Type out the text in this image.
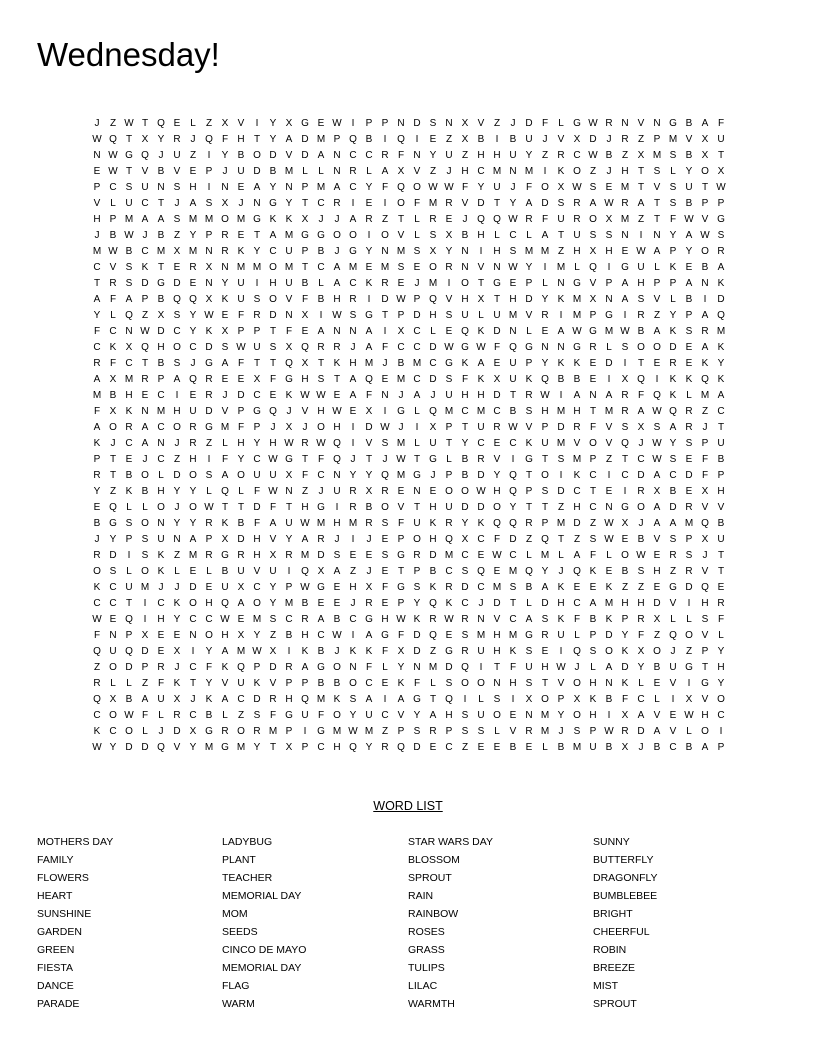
Wednesday!
J	Z W T Q E L	Z X V	I	Y X G E W I	P P N D S N X V Z	J D F	L G W R N V N G B A F
W Q T X Y R J Q F H T Y A D M P Q B	I	Q	I	E Z X B	I	B U J	V X D J R Z P M V X U
N W G Q J U Z	I	Y B O D V D A N C C R F N Y U Z H H U Y Z R C W B Z X M S B X T
E W T V B V E P	J U D B M L	L N R L A X V Z	J H C M N M	I	K O Z	J H T S L Y O X
P C S U N S H	I	N E A Y N P M A C Y F Q O W W F Y U J	F O X W S E M T V S U T W
V L U C T	J	A S X	J N G Y T C R	I	E	I	O F M R V D T Y A D S R A W R A T S B P P
H P M A A S M M O M G K K X	J	J	A R Z T	L R E	J Q Q W R F U R O X M Z T F W V G
J	B W J	B Z Y P R E T A M G G O O	I	O V L S X B H L C L A T U S S N	I	N Y A W S
M W B C M X M N R K Y C U P B	J G Y N M S X Y N	I	H S M M Z H X H E W A P Y O R
C V S K T E R X N M M O M T C A M E M S E O R N V N W Y	I	M L Q	I	G U L K E B A
T R S D G D E N Y U	I	H U B L A C K R E	J M	I	O T G E P L N G V P A H P P A N K
A F A P B Q Q X K U S O V F B H R	I	D W P Q V H X T H D Y K M X N A S V L B	I	D
Y L Q Z X S Y W E F R D N X	I W S G T P D H S U L U M V R	I	M P G	I	R Z Y P A Q
F C N W D C Y K X P P T F E A N N A	I	X C L E Q K D N L E A W G M W B A K S R M
C K X Q H O C D S W U S X Q R R J	A F C C D W G W F Q G N N G R L S O O D E A K
R F C T B S	J G A F T T Q X T K H M J	B M C G K A E U P Y K K E D	I	T E R E K Y
A X M R P A Q R E E X F G H S T A Q E M C D S F K X U K Q B B E	I	X Q	I	K K Q K
M B H E C	I	E R J D C E K W W E A F N J	A	J U H H D T R W I	A N A R F Q K L M A
F X K N M H U D V P G Q J	V H W E X	I	G L Q M C M C B S H M H T M R A W Q R Z C
A O R A C O R G M F P	J	X	J O H	I	D W J	I	X P T U R W V P D R F V S X S A R J	T
K	J C A N J R Z	L H Y H W R W Q	I	V S M L U T Y C E C K U M V O V Q J W Y S P U
P T E	J C Z H	I	F Y C W G T F Q J	T	J W T G L B R V	I	G T S M P Z T C W S E F B
R T B O L D O S A O U U X F C N Y Y Q M G J	P B D Y Q T O	I	K C	I	C D A C D F P
Y Z K B H Y Y L Q L	F W N Z	J U R X R E N E O O W H Q P S D C T E	I	R X B E X H
E Q L	L O J O W T T D F T H G	I	R B O V T H U D D O Y T T Z H C N G O A D R V V
B G S O N Y Y R K B F A U W M H M R S F U K R Y K Q Q R P M D Z W X	J	A A M Q B
J	Y P S U N A P X D H V Y A R J	I	J	E P O H Q X C F D Z Q T Z S W E B V S P X U
R D	I	S K Z M R G R H X R M D S E E S G R D M C E W C L M L A F	L O W E R S	J	T
O S L O K L E L B U V U	I	Q X A Z	J	E T P B C S Q E M Q Y	J Q K E B S H Z R V T
K C U M J	J D E U X C Y P W G E H X F G S K R D C M S B A K E E K Z Z E G D Q E
C C T	I	C K O H Q A O Y M B E E	J R E P Y Q K C J D T	L D H C A M H H D V	I	H R
W E Q	I	H Y C C W E M S C R A B C G H W K R W R N V C A S K F B K P R X L	L S F
F N P X E E N O H X Y Z B H C W I	A G F D Q E S M H M G R U L P D Y F Z Q O V L
Q U Q D E X	I	Y A M W X	I	K B	J	K K F X D Z G R U H K S E	I	Q S O K X O J	Z P Y
Z O D P R J C F K Q P D R A G O N F	L Y N M D Q	I	T F U H W J	L A D Y B U G T H
R L	L	Z F K T Y V U K V P P B B O C E K F	L S O O N H S T V O H N K L E V	I	G Y
Q X B A U X	J	K A C D R H Q M K S A	I	A G T Q	I	L S	I	X O P X K B F C L	I	X V O
C O W F	L R C B L	Z S F G U F O Y U C V Y A H S U O E N M Y O H	I	X A V E W H C
K C O L	J D X G R O R M P	I	G M W M Z P S R P S S L V R M J	S P W R D A V L O	I
W Y D D Q V Y M G M Y T X P C H Q Y R Q D E C Z E E B E L B M U B X	J	B C B A P
WORD LIST
MOTHERS DAY
FAMILY
FLOWERS
HEART
SUNSHINE
GARDEN
GREEN
FIESTA
DANCE
PARADE
LADYBUG
PLANT
TEACHER
MEMORIAL DAY
MOM
SEEDS
CINCO DE MAYO
MEMORIAL DAY
FLAG
WARM
STAR WARS DAY
BLOSSOM
SPROUT
RAIN
RAINBOW
ROSES
GRASS
TULIPS
LILAC
WARMTH
SUNNY
BUTTERFLY
DRAGONFLY
BUMBLEBEE
BRIGHT
CHEERFUL
ROBIN
BREEZE
MIST
SPROUT
